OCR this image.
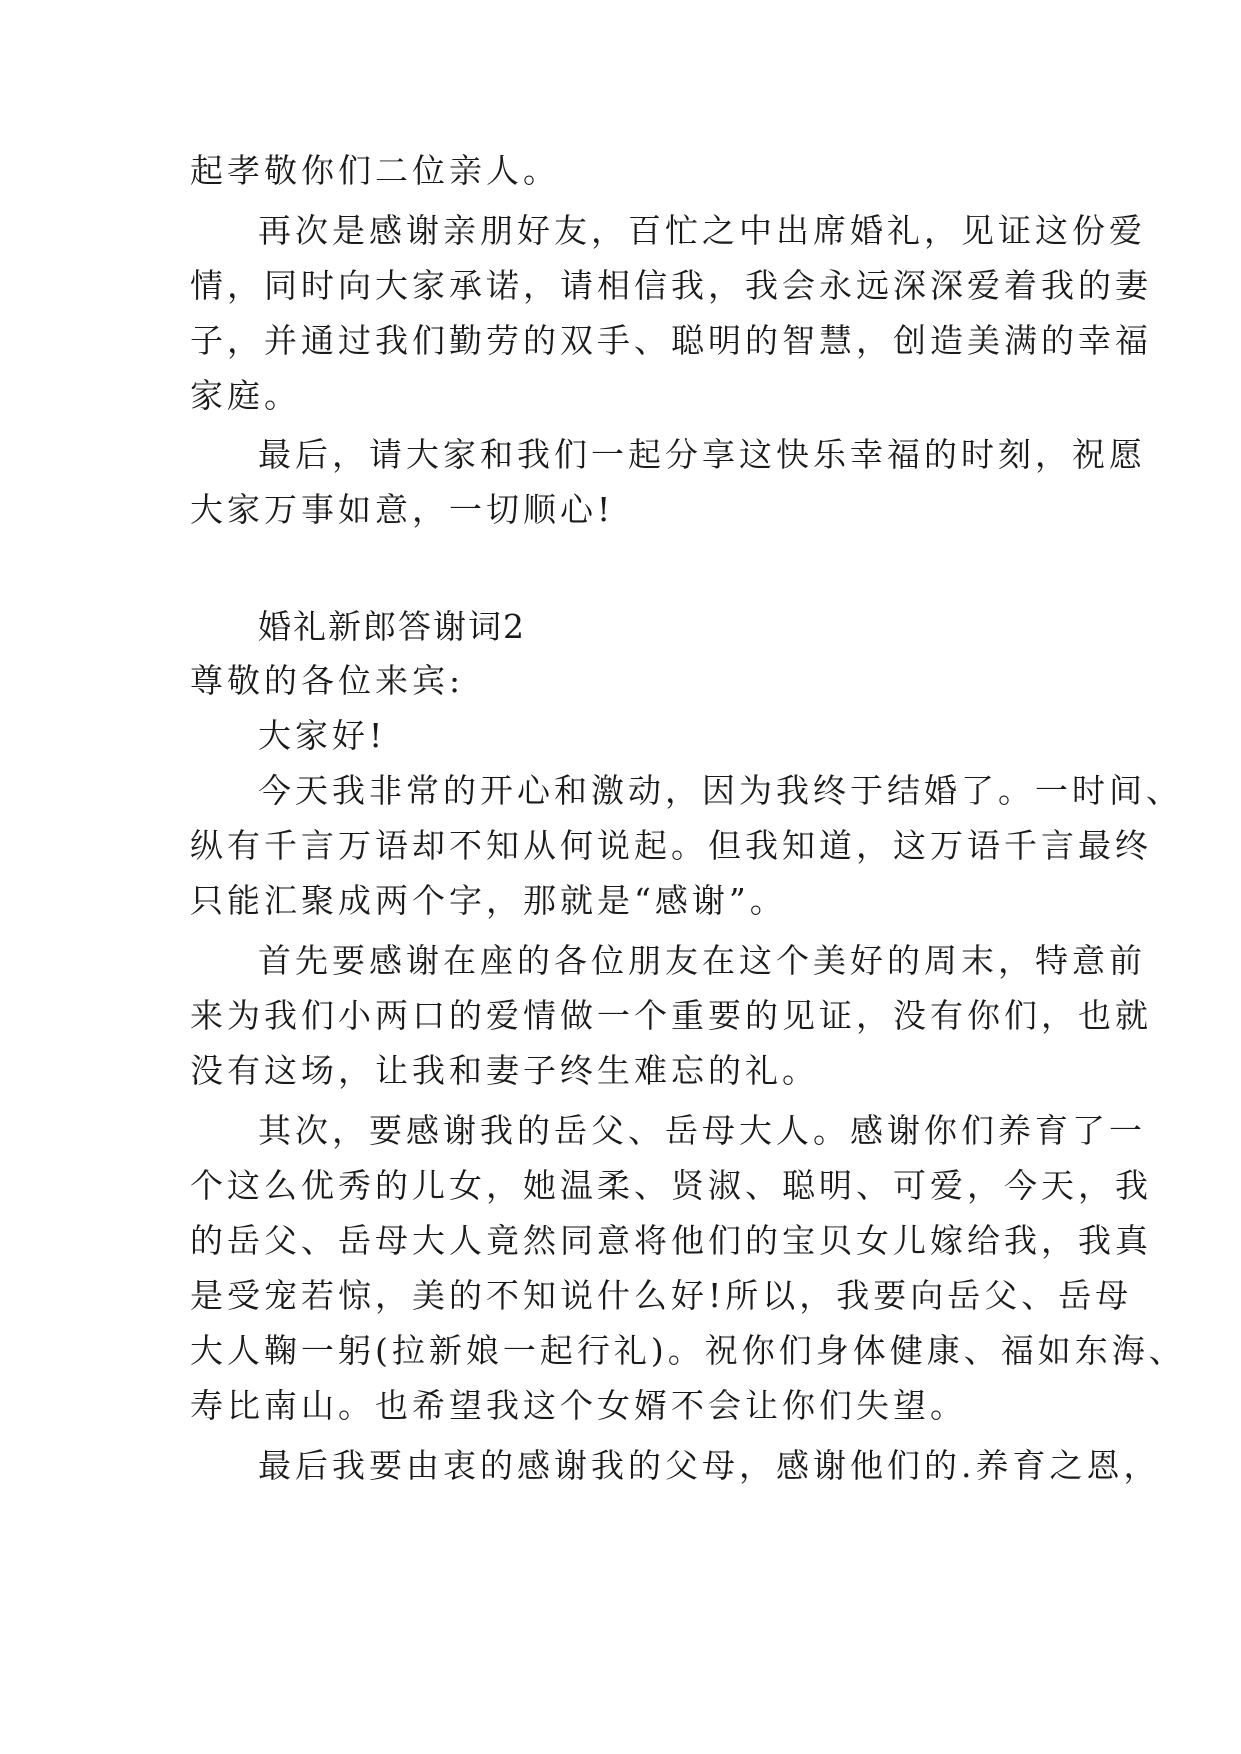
起孝敬你们二位亲人。
再次是感谢亲朋好友，百忙之中出席婚礼，见证这份爱
情，同时向大家承诺，请相信我，我会永远深深爱着我的妻
子，并通过我们勤劳的双手、聪明的智慧，创造美满的幸福
家庭。
最后，请大家和我们一起分享这快乐幸福的时刻，祝愿
大家万事如意，一切顺心!
婚礼新郎答谢词2
尊敬的各位来宾:
大家好!
今天我非常的开心和激动，因为我终于结婚了。一时间、
纵有千言万语却不知从何说起。但我知道，这万语千言最终
只能汇聚成两个字，那就是“感谢”。
首先要感谢在座的各位朋友在这个美好的周末，特意前
来为我们小两口的爱情做一个重要的见证，没有你们，也就
没有这场，让我和妻子终生难忘的礼。
其次，要感谢我的岳父、岳母大人。感谢你们养育了一
个这么优秀的儿女，她温柔、贤淑、聪明、可爱，今天，我
的岳父、岳母大人竟然同意将他们的宝贝女儿嫁给我，我真
是受宠若惊，美的不知说什么好!所以，我要向岳父、岳母
大人鞠一躬(拉新娘一起行礼)。祝你们身体健康、福如东海、
寿比南山。也希望我这个女婿不会让你们失望。
最后我要由衷的感谢我的父母，感谢他们的.养育之恩，
